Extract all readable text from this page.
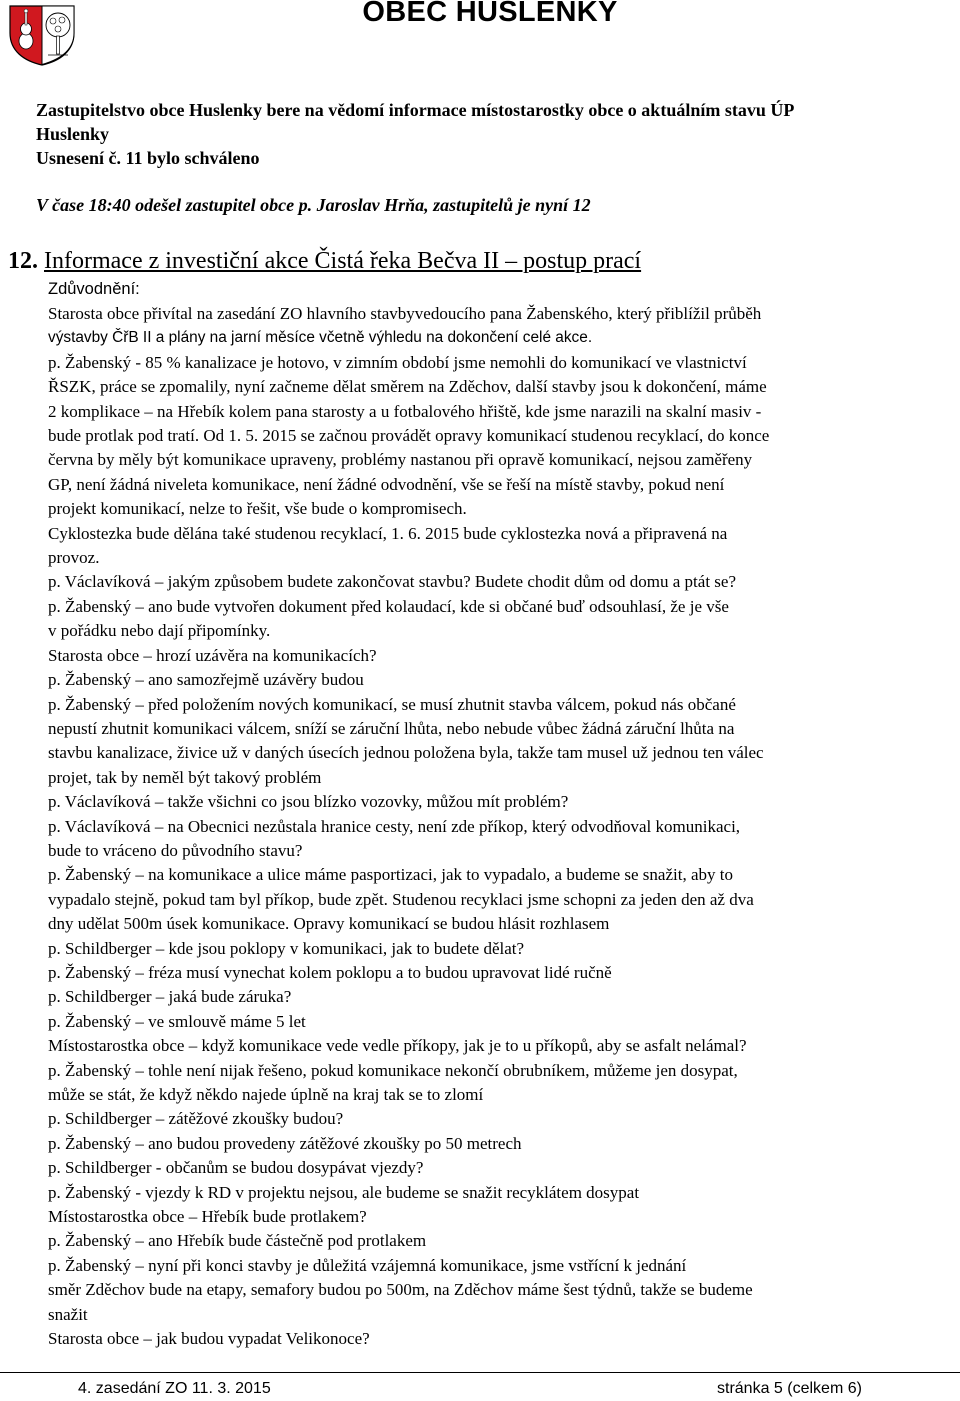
OBEC HUSLENKY

Zastupitelstvo obce Huslenky bere na vědomí informace místostarostky obce o aktuálním stavu ÚP

Huslenky

Usnesení č. 11 bylo schváleno

V čase 18:40 odešel zastupitel obce p. Jaroslav Hrňa, zastupitelů je nyní 12
12. Informace z investiční akce Čistá řeka Bečva II – postup prací
Zdůvodnění:

Starosta obce přivítal na zasedání ZO hlavního stavbyvedoucího pana Žabenského, který přiblížil průběh

výstavby ČřB II a plány na jarní měsíce včetně výhledu na dokončení celé akce.

p. Žabenský - 85 % kanalizace je hotovo, v zimním období jsme nemohli do komunikací ve vlastnictví

ŘSZK, práce se zpomalily, nyní začneme dělat směrem na Zděchov, další stavby jsou k dokončení, máme

2 komplikace – na Hřebík kolem pana starosty a u fotbalového hřiště, kde jsme narazili na skalní masiv -

bude protlak pod tratí. Od 1. 5. 2015 se začnou provádět opravy komunikací studenou recyklací, do konce

června by měly být komunikace upraveny, problémy nastanou při opravě komunikací, nejsou zaměřeny

GP, není žádná niveleta komunikace, není žádné odvodnění, vše se řeší na místě stavby, pokud není

projekt komunikací, nelze to řešit, vše bude o kompromisech.

Cyklostezka bude dělána také studenou recyklací, 1. 6. 2015 bude cyklostezka nová a připravená na

provoz.

p. Václavíková – jakým způsobem budete zakončovat stavbu? Budete chodit dům od domu a ptát se?

p. Žabenský – ano bude vytvořen dokument před kolaudací, kde si občané buď odsouhlasí, že je vše

v pořádku nebo dají připomínky.

Starosta obce – hrozí uzávěra na komunikacích?

p. Žabenský – ano samozřejmě uzávěry budou

p. Žabenský – před položením nových komunikací, se musí zhutnit stavba válcem, pokud nás občané

nepustí zhutnit komunikaci válcem, sníží se záruční lhůta, nebo nebude vůbec žádná záruční lhůta na

stavbu kanalizace, živice už v daných úsecích jednou položena byla, takže tam musel už jednou ten válec

projet, tak by neměl být takový problém

p. Václavíková – takže všichni co jsou blízko vozovky, můžou mít problém?

p. Václavíková – na Obecnici nezůstala hranice cesty, není zde příkop, který odvodňoval komunikaci,

bude to vráceno do původního stavu?

p. Žabenský – na komunikace a ulice máme pasportizaci, jak to vypadalo, a budeme se snažit, aby to

vypadalo stejně, pokud tam byl příkop, bude zpět. Studenou recyklaci jsme schopni za jeden den až dva

dny udělat 500m úsek komunikace. Opravy komunikací se budou hlásit rozhlasem

p. Schildberger – kde jsou poklopy v komunikaci, jak to budete dělat?

p. Žabenský – fréza musí vynechat kolem poklopu a to budou upravovat lidé ručně

p. Schildberger – jaká bude záruka?

p. Žabenský – ve smlouvě máme 5 let

Místostarostka obce – když komunikace vede vedle příkopy, jak je to u příkopů, aby se asfalt nelámal?

p. Žabenský – tohle není nijak řešeno, pokud komunikace nekončí obrubníkem, můžeme jen dosypat,

může se stát, že když někdo najede úplně na kraj tak se to zlomí

p. Schildberger – zátěžové zkoušky budou?

p. Žabenský – ano budou provedeny zátěžové zkoušky po 50 metrech

p. Schildberger - občanům se budou dosypávat vjezdy?

p. Žabenský - vjezdy k RD v projektu nejsou, ale budeme se snažit recyklátem dosypat

Místostarostka obce – Hřebík bude protlakem?

p. Žabenský – ano Hřebík bude částečně pod protlakem

p. Žabenský – nyní při konci stavby je důležitá vzájemná komunikace, jsme vstřícní k jednání

směr Zděchov bude na etapy, semafory budou po 500m, na Zděchov máme šest týdnů, takže se budeme

snažit

Starosta obce – jak budou vypadat Velikonoce?

4. zasedání ZO 11. 3. 2015	stránka 5 (celkem 6)
